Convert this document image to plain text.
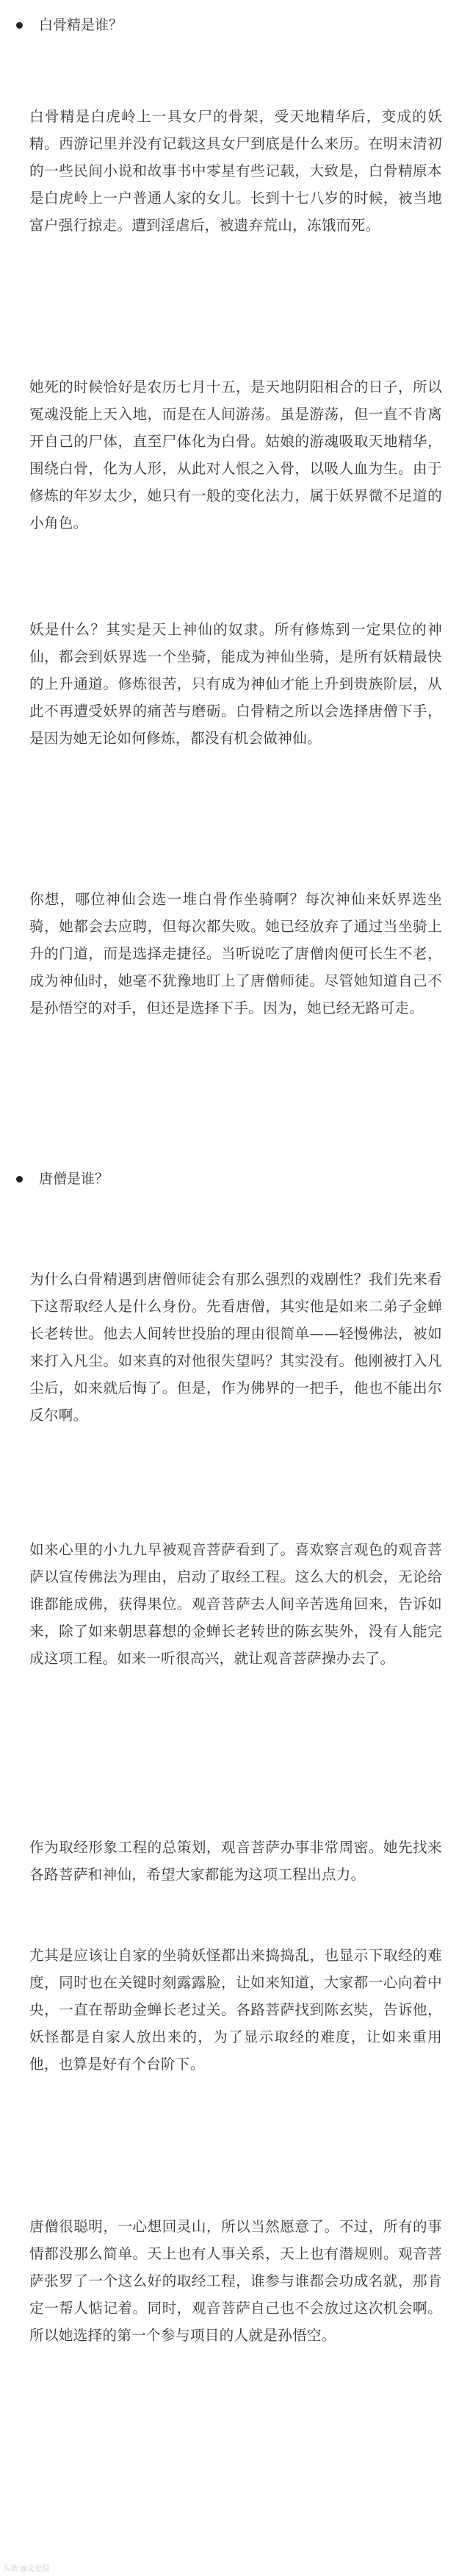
白骨精是谁？

白骨精是白虎岭上一具女尸的骨架，受天地精华后，变成的妖精。西游记里并没有记载这具女尸到底是什么来历。在明末清初的一些民间小说和故事书中零星有些记载，大致是，白骨精原本是白虎岭上一户普通人家的女儿。长到十七八岁的时候，被当地富户强行掠走。遭到淫虐后，被遗弃荒山，冻饿而死。

她死的时候恰好是农历七月十五，是天地阴阳相合的日子，所以冤魂没能上天入地，而是在人间游荡。虽是游荡，但一直不肯离开自己的尸体，直至尸体化为白骨。姑娘的游魂吸取天地精华，围绕白骨，化为人形，从此对人恨之入骨，以吸人血为生。由于修炼的年岁太少，她只有一般的变化法力，属于妖界微不足道的小角色。

妖是什么？其实是天上神仙的奴隶。所有修炼到一定果位的神仙，都会到妖界选一个坐骑，能成为神仙坐骑，是所有妖精最快的上升通道。修炼很苦，只有成为神仙才能上升到贵族阶层，从此不再遭受妖界的痛苦与磨砺。白骨精之所以会选择唐僧下手，是因为她无论如何修炼，都没有机会做神仙。

你想，哪位神仙会选一堆白骨作坐骑啊？每次神仙来妖界选坐骑，她都会去应聘，但每次都失败。她已经放弃了通过当坐骑上升的门道，而是选择走捷径。当听说吃了唐僧肉便可长生不老，成为神仙时，她毫不犹豫地盯上了唐僧师徒。尽管她知道自己不是孙悟空的对手，但还是选择下手。因为，她已经无路可走。

唐僧是谁？

为什么白骨精遇到唐僧师徒会有那么强烈的戏剧性？我们先来看下这帮取经人是什么身份。先看唐僧，其实他是如来二弟子金蝉长老转世。他去人间转世投胎的理由很简单——轻慢佛法，被如来打入凡尘。如来真的对他很失望吗？其实没有。他刚被打入凡尘后，如来就后悔了。但是，作为佛界的一把手，他也不能出尔反尔啊。

如来心里的小九九早被观音菩萨看到了。喜欢察言观色的观音菩萨以宣传佛法为理由，启动了取经工程。这么大的机会，无论给谁都能成佛，获得果位。观音菩萨去人间辛苦选角回来，告诉如来，除了如来朝思暮想的金蝉长老转世的陈玄奘外，没有人能完成这项工程。如来一听很高兴，就让观音菩萨操办去了。

作为取经形象工程的总策划，观音菩萨办事非常周密。她先找来各路菩萨和神仙，希望大家都能为这项工程出点力。

尤其是应该让自家的坐骑妖怪都出来捣捣乱，也显示下取经的难度，同时也在关键时刻露露脸，让如来知道，大家都一心向着中央，一直在帮助金蝉长老过关。各路菩萨找到陈玄奘，告诉他，妖怪都是自家人放出来的，为了显示取经的难度，让如来重用他，也算是好有个台阶下。

唐僧很聪明，一心想回灵山，所以当然愿意了。不过，所有的事情都没那么简单。天上也有人事关系，天上也有潜规则。观音菩萨张罗了一个这么好的取经工程，谁参与谁都会功成名就，那肯定一帮人惦记着。同时，观音菩萨自己也不会放过这次机会啊。所以她选择的第一个参与项目的人就是孙悟空。

头条 @文史侃
